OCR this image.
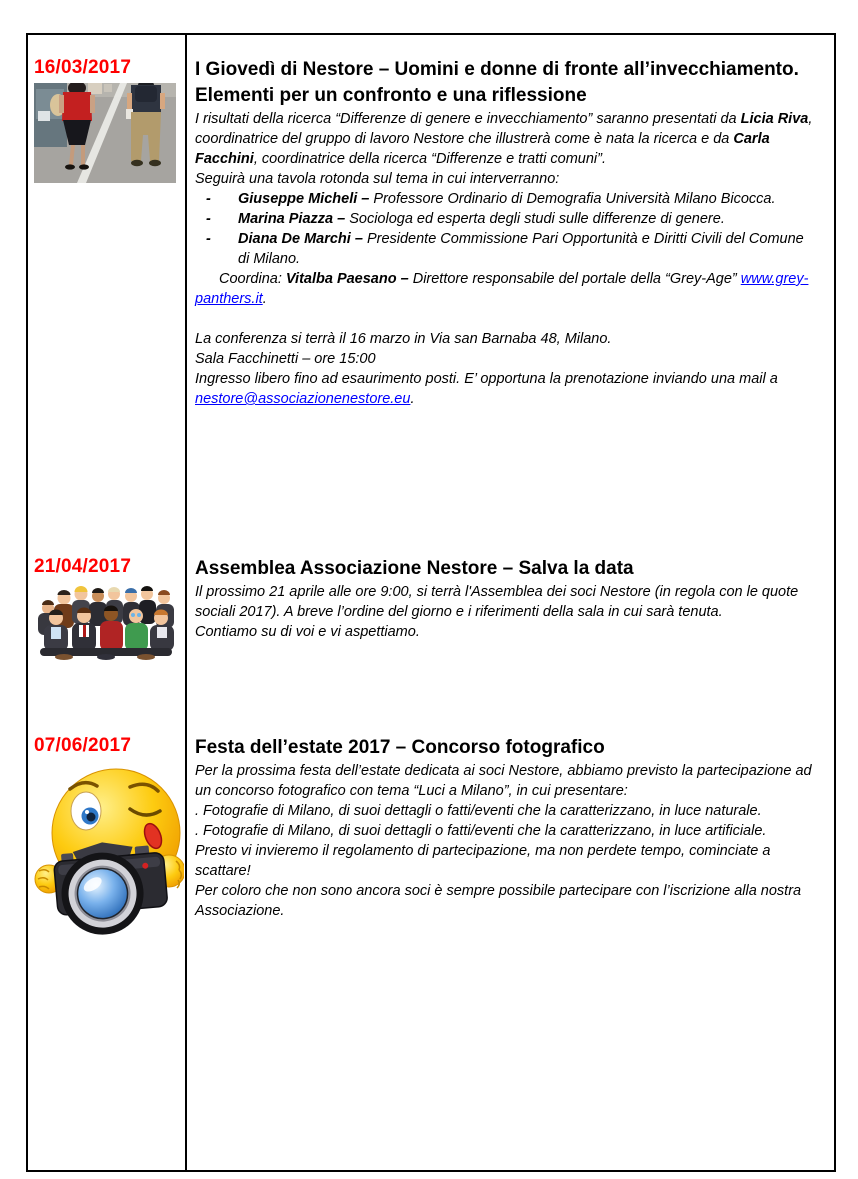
16/03/2017	I Giovedì di Nestore – Uomini e donne di fronte all’invecchiamento. Elementi per un confronto e una riflessione

I risultati della ricerca “Differenze di genere e invecchiamento” saranno presentati da Licia Riva, coordinatrice del gruppo di lavoro Nestore che illustrerà come è nata la ricerca e da Carla Facchini, coordinatrice della ricerca “Differenze e tratti comuni”.

Seguirà una tavola rotonda sul tema in cui interverranno:

-	Giuseppe Micheli – Professore Ordinario di Demografia Università Milano Bicocca.
-	Marina Piazza – Sociologa ed esperta degli studi sulle differenze di genere.
-	Diana De Marchi – Presidente Commissione Pari Opportunità e Diritti Civili del Comune di Milano.

Coordina: Vitalba Paesano – Direttore responsabile del portale della “Grey-Age” www.grey-panthers.it.

La conferenza si terrà il 16 marzo in Via san Barnaba 48, Milano.

Sala Facchinetti – ore 15:00

Ingresso libero fino ad esaurimento posti. E’ opportuna la prenotazione inviando una mail a nestore@associazionenestore.eu.

21/04/2017	Assemblea Associazione Nestore – Salva la data

Il prossimo 21 aprile alle ore 9:00, si terrà l'Assemblea dei soci Nestore (in regola con le quote sociali 2017). A breve l’ordine del giorno e i riferimenti della sala in cui sarà tenuta.

Contiamo su di voi e vi aspettiamo.

07/06/2017	Festa dell’estate 2017 – Concorso fotografico

Per la prossima festa dell’estate dedicata ai soci Nestore, abbiamo previsto la partecipazione ad un concorso fotografico con tema “Luci a Milano”, in cui presentare:

. Fotografie di Milano, di suoi dettagli o fatti/eventi che la caratterizzano, in luce naturale.

. Fotografie di Milano, di suoi dettagli o fatti/eventi che la caratterizzano, in luce artificiale.

Presto vi invieremo il regolamento di partecipazione, ma non perdete tempo, cominciate a scattare!

Per coloro che non sono ancora soci è sempre possibile partecipare con l’iscrizione alla nostra Associazione.
